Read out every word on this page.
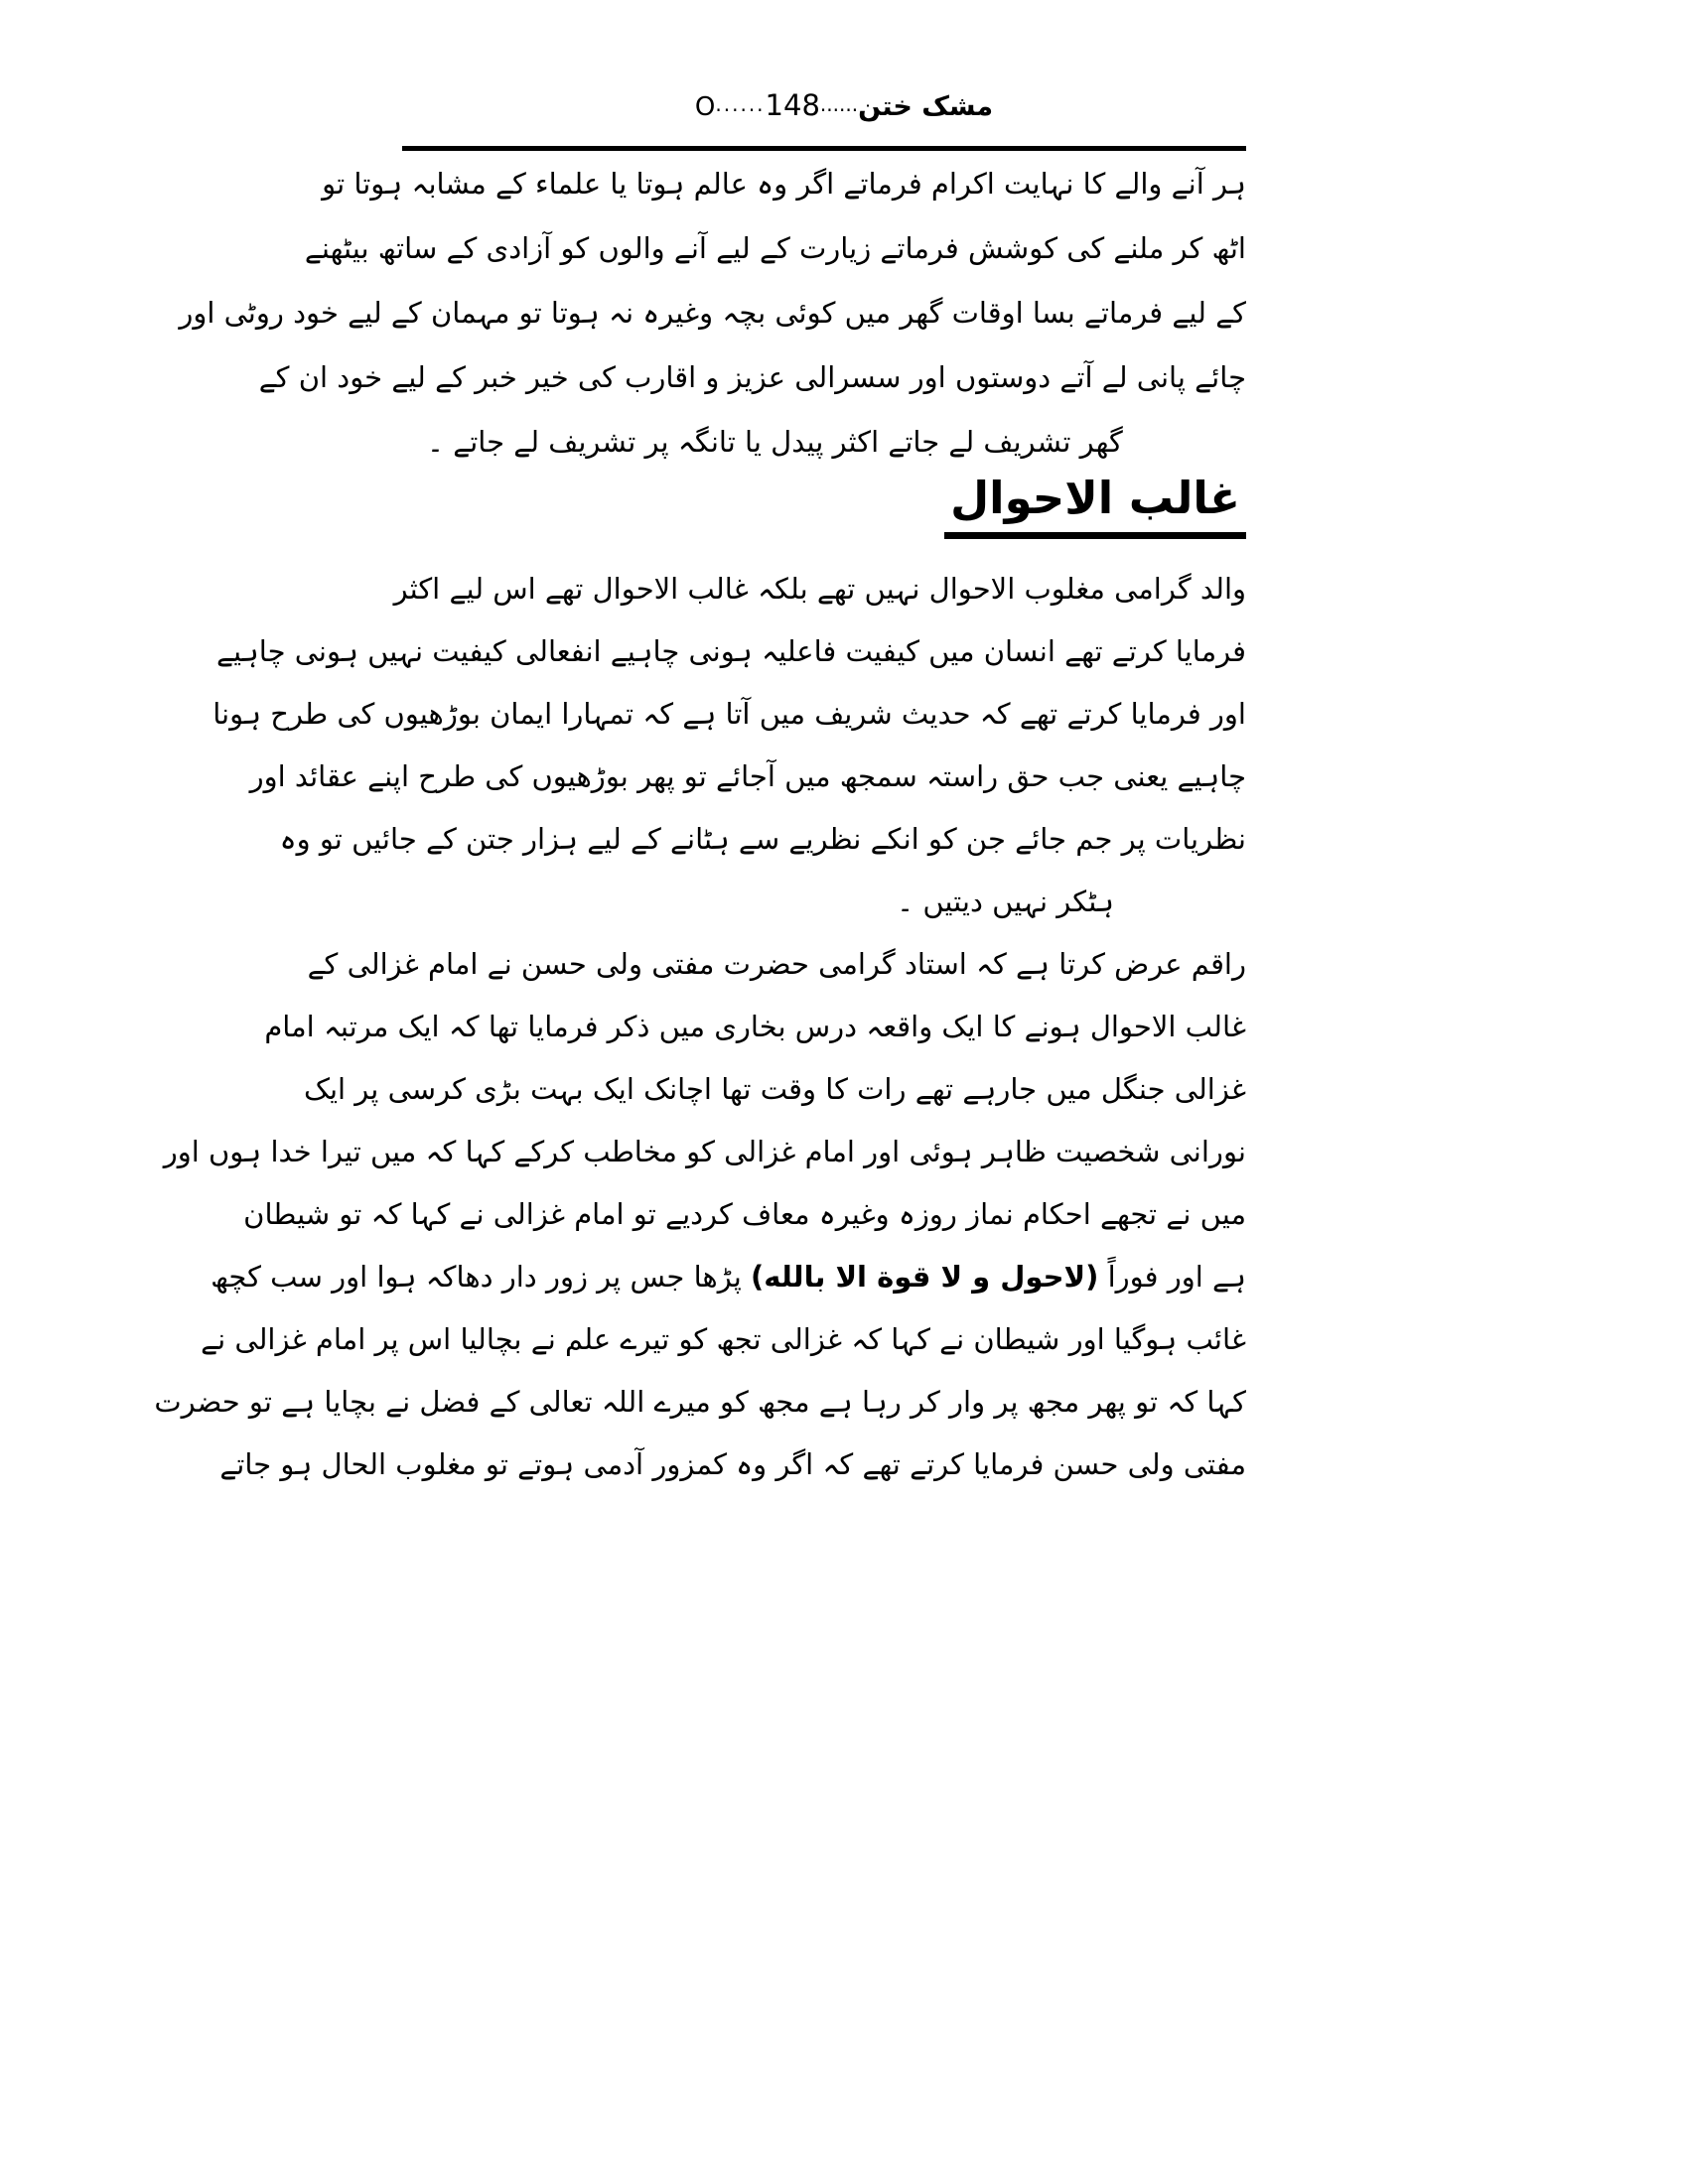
مشک ختن......O......148
ہر آنے والے کا نہایت اکرام فرماتے اگر وہ عالم ہوتا یا علماء کے مشابہ ہوتا تو
اٹھ کر ملنے کی کوشش فرماتے زیارت کے لیے آنے والوں کو آزادی کے ساتھ بیٹھنے
کے لیے فرماتے بسا اوقات گھر میں کوئی بچہ وغیرہ نہ ہوتا تو مہمان کے لیے خود روٹی اور
چائے پانی لے آتے دوستوں اور سسرالی عزیز و اقارب کی خیر خبر کے لیے خود ان کے
گھر تشریف لے جاتے اکثر پیدل یا تانگہ پر تشریف لے جاتے ۔
غالب الاحوال
والد گرامی مغلوب الاحوال نہیں تھے بلکہ غالب الاحوال تھے اس لیے اکثر
فرمایا کرتے تھے انسان میں کیفیت فاعلیہ ہونی چاہیے انفعالی کیفیت نہیں ہونی چاہیے
اور فرمایا کرتے تھے کہ حدیث شریف میں آتا ہے کہ تمہارا ایمان بوڑھیوں کی طرح ہونا
چاہیے یعنی جب حق راستہ سمجھ میں آجائے تو پھر بوڑھیوں کی طرح اپنے عقائد اور
نظریات پر جم جائے جن کو انکے نظریے سے ہٹانے کے لیے ہزار جتن کے جائیں تو وہ
ہٹکر نہیں دیتیں ۔
راقم عرض کرتا ہے کہ استاد گرامی حضرت مفتی ولی حسن نے امام غزالی کے
غالب الاحوال ہونے کا ایک واقعہ درس بخاری میں ذکر فرمایا تھا کہ ایک مرتبہ امام
غزالی جنگل میں جارہے تھے رات کا وقت تھا اچانک ایک بہت بڑی کرسی پر ایک
نورانی شخصیت ظاہر ہوئی اور امام غزالی کو مخاطب کرکے کہا کہ میں تیرا خدا ہوں اور
میں نے تجھے احکام نماز روزہ وغیرہ معاف کردیے تو امام غزالی نے کہا کہ تو شیطان
ہے اور فوراً (لاحول و لا قوة الا بالله) پڑھا جس پر زور دار دھاکہ ہوا اور سب کچھ
غائب ہوگیا اور شیطان نے کہا کہ غزالی تجھ کو تیرے علم نے بچالیا اس پر امام غزالی نے
کہا کہ تو پھر مجھ پر وار کر رہا ہے مجھ کو میرے اللہ تعالی کے فضل نے بچایا ہے تو حضرت
مفتی ولی حسن فرمایا کرتے تھے کہ اگر وہ کمزور آدمی ہوتے تو مغلوب الحال ہو جاتے
